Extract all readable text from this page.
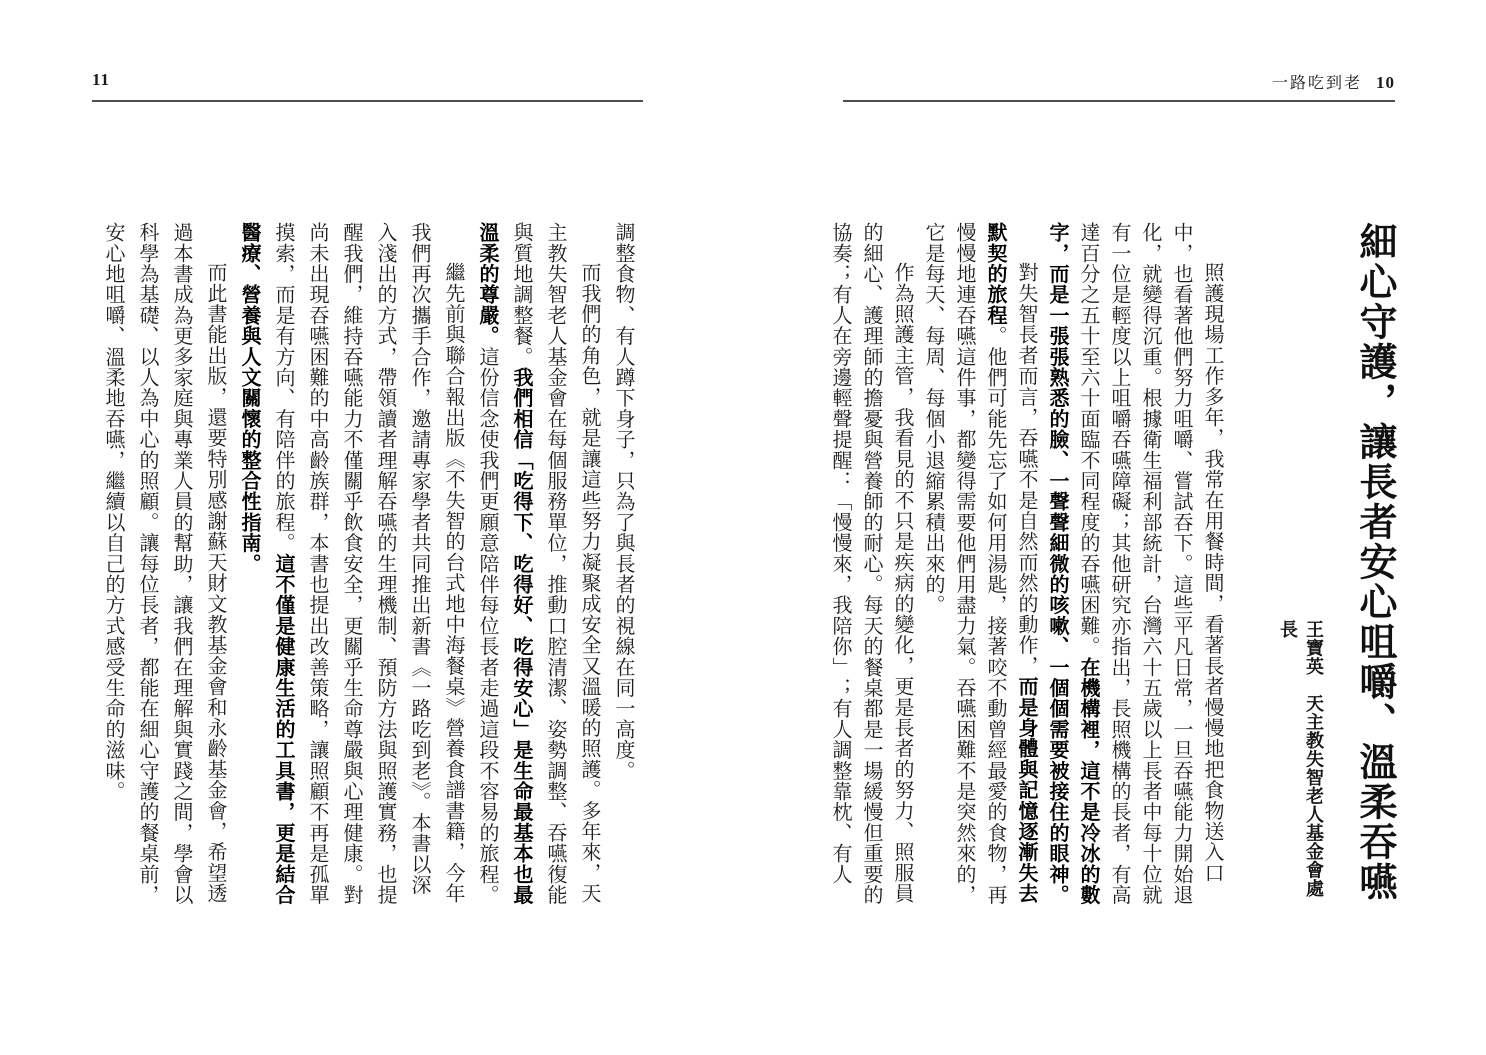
11	一路吃到老 10
細心守護，讓長者安心咀嚼、溫柔吞嚥
王寶英　天主教失智老人基金會處長

照護現場工作多年，我常在用餐時間，看著長者慢慢地把食物送入口中，也看著他們努力咀嚼、嘗試吞下。這些平凡日常，一旦吞嚥能力開始退化，就變得沉重。根據衛生福利部統計，台灣六十五歲以上長者中每十位就有一位是輕度以上咀嚼吞嚥障礙；其他研究亦指出，長照機構的長者，有高達百分之五十至六十面臨不同程度的吞嚥困難。在機構裡，這不是冷冰的數字，而是一張張熟悉的臉、一聲聲細微的咳嗽、一個個需要被接住的眼神。

對失智長者而言，吞嚥不是自然而然的動作，而是身體與記憶逐漸失去默契的旅程。他們可能先忘了如何用湯匙，接著咬不動曾經最愛的食物，再慢慢地連吞嚥這件事，都變得需要他們用盡力氣。吞嚥困難不是突然來的，它是每天、每周、每個小退縮累積出來的。

作為照護主管，我看見的不只是疾病的變化，更是長者的努力、照服員的細心、護理師的擔憂與營養師的耐心。每天的餐桌都是一場緩慢但重要的協奏；有人在旁邊輕聲提醒：「慢慢來，我陪你」；有人調整靠枕、有人

調整食物、有人蹲下身子，只為了與長者的視線在同一高度。

而我們的角色，就是讓這些努力凝聚成安全又溫暖的照護。多年來，天主教失智老人基金會在每個服務單位，推動口腔清潔、姿勢調整、吞嚥復能與質地調整餐。我們相信「吃得下、吃得好、吃得安心」是生命最基本也最溫柔的尊嚴。這份信念使我們更願意陪伴每位長者走過這段不容易的旅程。

繼先前與聯合報出版《不失智的台式地中海餐桌》營養食譜書籍，今年我們再次攜手合作，邀請專家學者共同推出新書《一路吃到老》。本書以深入淺出的方式，帶領讀者理解吞嚥的生理機制、預防方法與照護實務，也提醒我們，維持吞嚥能力不僅關乎飲食安全，更關乎生命尊嚴與心理健康。對尚未出現吞嚥困難的中高齡族群，本書也提出改善策略，讓照顧不再是孤單摸索，而是有方向、有陪伴的旅程。這不僅是健康生活的工具書，更是結合醫療、營養與人文關懷的整合性指南。

而此書能出版，還要特別感謝蘇天財文教基金會和永齡基金會，希望透過本書成為更多家庭與專業人員的幫助，讓我們在理解與實踐之間，學會以科學為基礎、以人為中心的照顧。讓每位長者，都能在細心守護的餐桌前，安心地咀嚼、溫柔地吞嚥，繼續以自己的方式感受生命的滋味。
